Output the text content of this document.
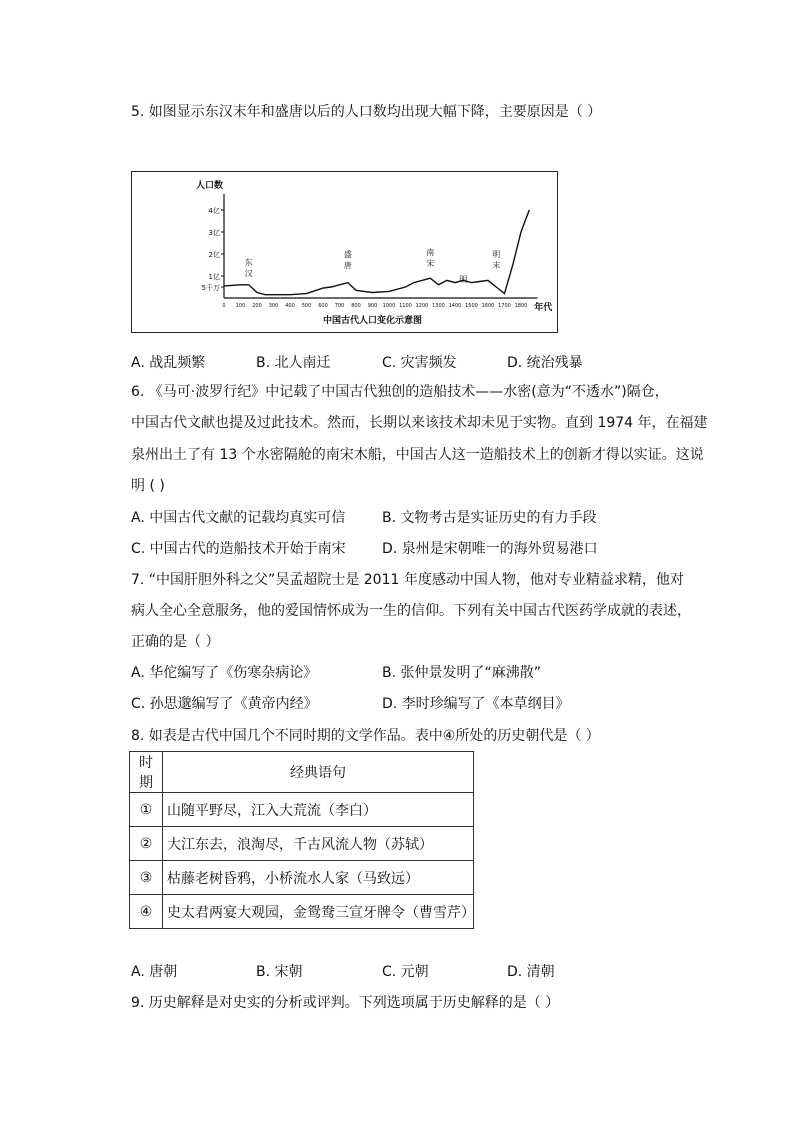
5. 如图显示东汉末年和盛唐以后的人口数均出现大幅下降，主要原因是（ ）
年代
人口数
5千万
1亿
2亿
3亿
4亿
0 100 200 300 400 500 600 700 800 900 1000 1100 1200 1300 1400 1500 1600 1700 1800
东
汉
盛
唐
南
宋
明
明
末
中国古代人口变化示意图
A. 战乱频繁	B. 北人南迁	C. 灾害频发	D. 统治残暴
6. 《马可·波罗行纪》中记载了中国古代独创的造船技术——水密(意为“不透水”)隔仓，
中国古代文献也提及过此技术。然而，长期以来该技术却未见于实物。直到 1974 年，在福建
泉州出土了有 13 个水密隔舱的南宋木船，中国古人这一造船技术上的创新才得以实证。这说
明 ( )
A. 中国古代文献的记载均真实可信	B. 文物考古是实证历史的有力手段
C. 中国古代的造船技术开始于南宋	D. 泉州是宋朝唯一的海外贸易港口
7. “中国肝胆外科之父”吴孟超院士是 2011 年度感动中国人物，他对专业精益求精，他对
病人全心全意服务，他的爱国情怀成为一生的信仰。下列有关中国古代医药学成就的表述，
正确的是（ ）
A. 华佗编写了《伤寒杂病论》	B. 张仲景发明了“麻沸散”
C. 孙思邈编写了《黄帝内经》	D. 李时珍编写了《本草纲目》
8. 如表是古代中国几个不同时期的文学作品。表中④所处的历史朝代是（ ）
时期	经典语句
①	山随平野尽，江入大荒流（李白）
②	大江东去，浪淘尽，千古风流人物（苏轼）
③	枯藤老树昏鸦，小桥流水人家（马致远）
④	史太君两宴大观园，金鸳鸯三宣牙牌令（曹雪芹）
A. 唐朝	B. 宋朝	C. 元朝	D. 清朝
9. 历史解释是对史实的分析或评判。下列选项属于历史解释的是（ ）
